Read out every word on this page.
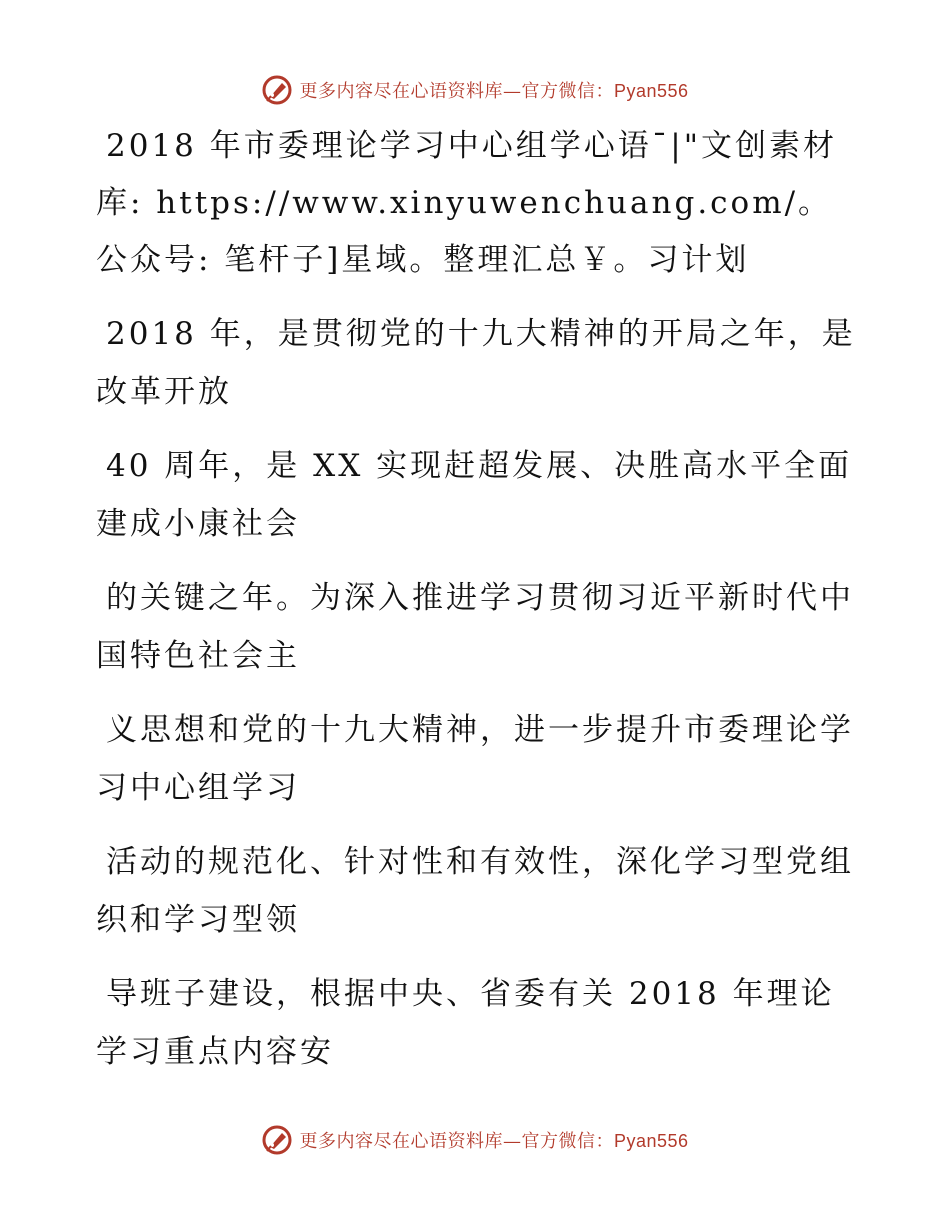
更多内容尽在心语资料库—官方微信：Pyan556

2018 年市委理论学习中心组学心语¯|"文创素材库: https://www.xinyuwenchuang.com/。公众号: 笔杆子]星域。整理汇总￥。习计划

2018 年，是贯彻党的十九大精神的开局之年，是改革开放

40 周年，是 XX 实现赶超发展、决胜高水平全面建成小康社会

的关键之年。为深入推进学习贯彻习近平新时代中国特色社会主

义思想和党的十九大精神，进一步提升市委理论学习中心组学习

活动的规范化、针对性和有效性，深化学习型党组织和学习型领

导班子建设，根据中央、省委有关 2018 年理论学习重点内容安

更多内容尽在心语资料库—官方微信：Pyan556
